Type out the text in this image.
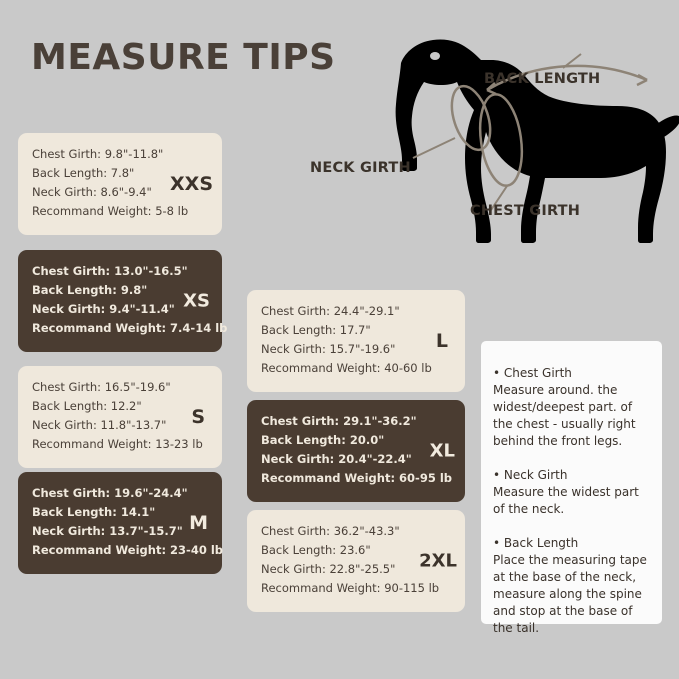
MEASURE TIPS
Chest Girth: 9.8"-11.8"
Back Length: 7.8"
Neck Girth: 8.6"-9.4"
Recommand Weight: 5-8 lb
XXS
Chest Girth: 13.0"-16.5"
Back Length: 9.8"
Neck Girth: 9.4"-11.4"
Recommand Weight: 7.4-14 lb
XS
Chest Girth: 16.5"-19.6"
Back Length: 12.2"
Neck Girth: 11.8"-13.7"
Recommand Weight: 13-23 lb
S
Chest Girth: 19.6"-24.4"
Back Length: 14.1"
Neck Girth: 13.7"-15.7"
Recommand Weight: 23-40 lb
M
Chest Girth: 24.4"-29.1"
Back Length: 17.7"
Neck Girth: 15.7"-19.6"
Recommand Weight: 40-60 lb
L
Chest Girth: 29.1"-36.2"
Back Length: 20.0"
Neck Girth: 20.4"-22.4"
Recommand Weight: 60-95 lb
XL
Chest Girth: 36.2"-43.3"
Back Length: 23.6"
Neck Girth: 22.8"-25.5"
Recommand Weight: 90-115 lb
2XL
BACK LENGTH
NECK GIRTH
CHEST GIRTH
• Chest Girth
Measure around. the widest/deepest part. of the chest - usually right behind the front legs.
• Neck Girth
Measure the widest part of the neck.
• Back Length
Place the measuring tape at the base of the neck, measure along the spine and stop at the base of the tail.
